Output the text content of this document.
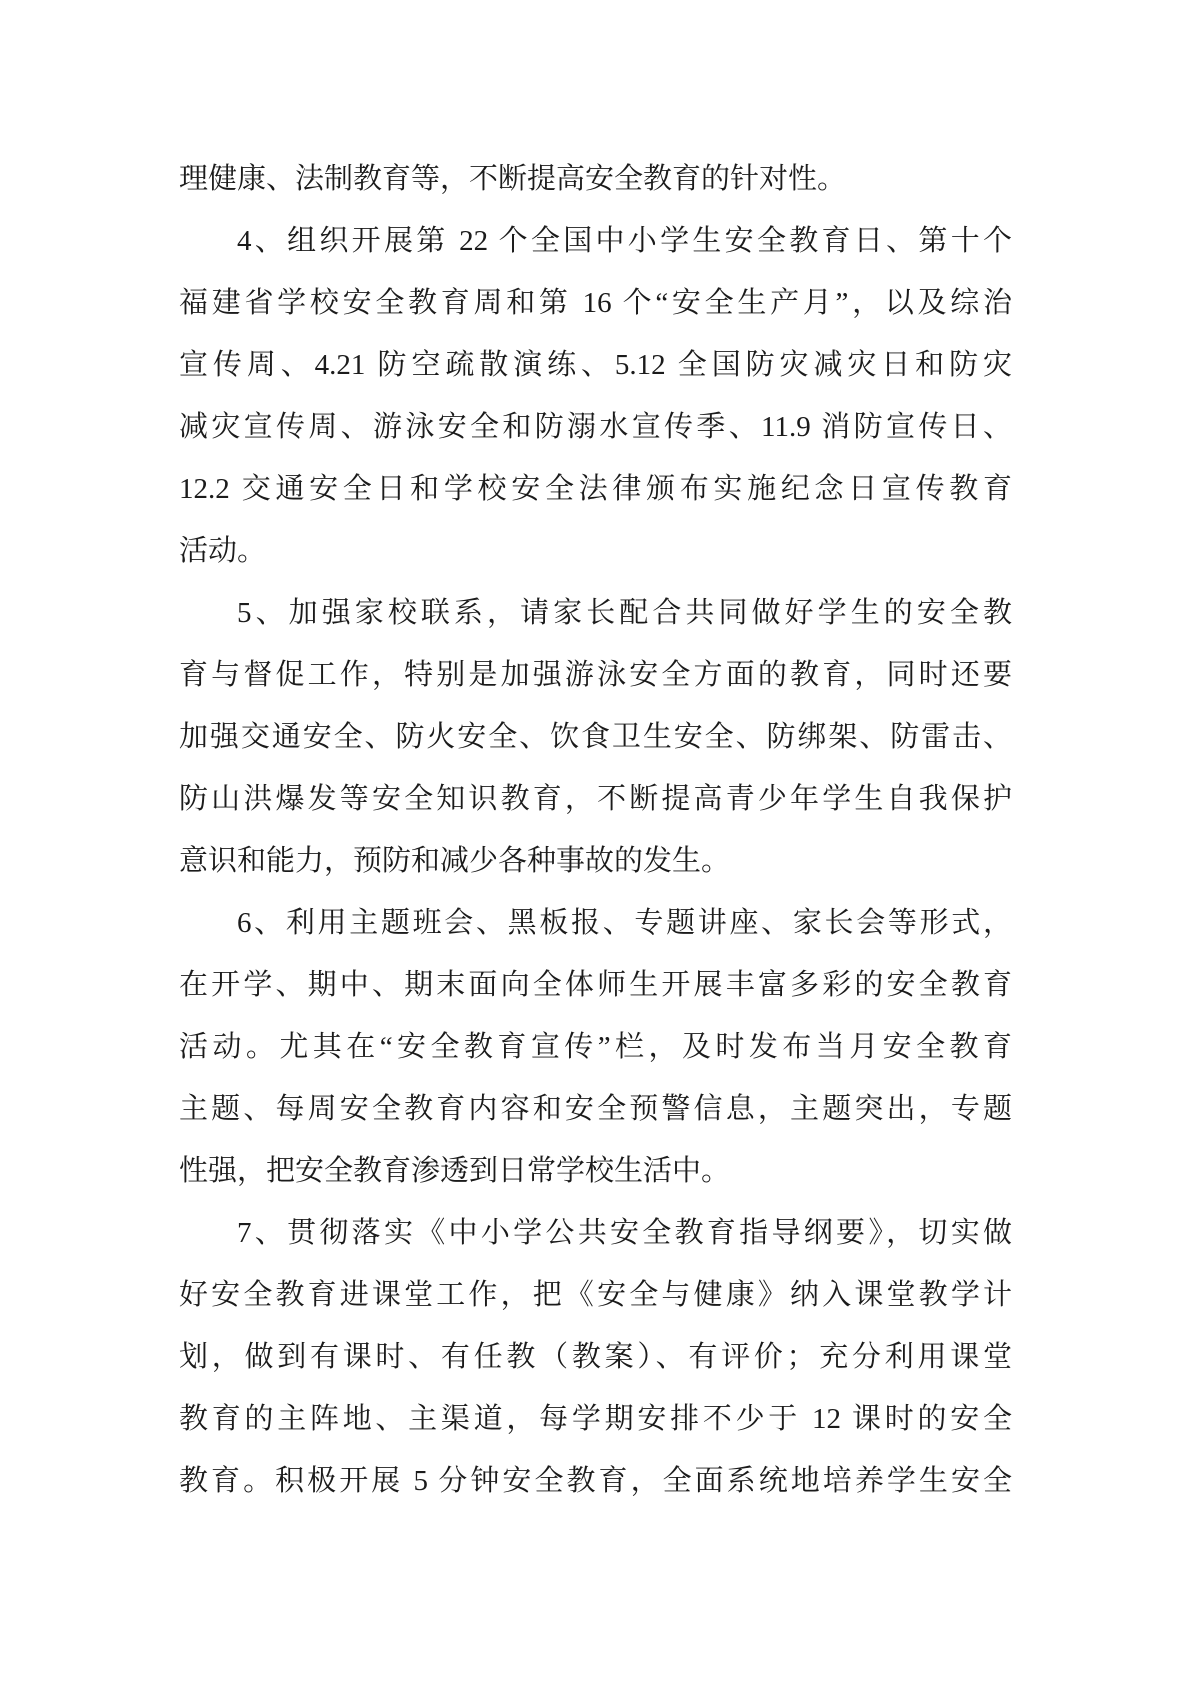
理健康、法制教育等，不断提高安全教育的针对性。
4、组织开展第 22 个全国中小学生安全教育日、第十个
福建省学校安全教育周和第 16 个“安全生产月”，以及综治
宣传周、4.21 防空疏散演练、5.12 全国防灾减灾日和防灾
减灾宣传周、游泳安全和防溺水宣传季、11.9 消防宣传日、
12.2 交通安全日和学校安全法律颁布实施纪念日宣传教育
活动。
5、加强家校联系，请家长配合共同做好学生的安全教
育与督促工作，特别是加强游泳安全方面的教育，同时还要
加强交通安全、防火安全、饮食卫生安全、防绑架、防雷击、
防山洪爆发等安全知识教育，不断提高青少年学生自我保护
意识和能力，预防和减少各种事故的发生。
6、利用主题班会、黑板报、专题讲座、家长会等形式，
在开学、期中、期末面向全体师生开展丰富多彩的安全教育
活动。尤其在“安全教育宣传”栏，及时发布当月安全教育
主题、每周安全教育内容和安全预警信息，主题突出，专题
性强，把安全教育渗透到日常学校生活中。
7、贯彻落实《中小学公共安全教育指导纲要》，切实做
好安全教育进课堂工作，把《安全与健康》纳入课堂教学计
划，做到有课时、有任教（教案）、有评价；充分利用课堂
教育的主阵地、主渠道，每学期安排不少于 12 课时的安全
教育。积极开展 5 分钟安全教育，全面系统地培养学生安全
